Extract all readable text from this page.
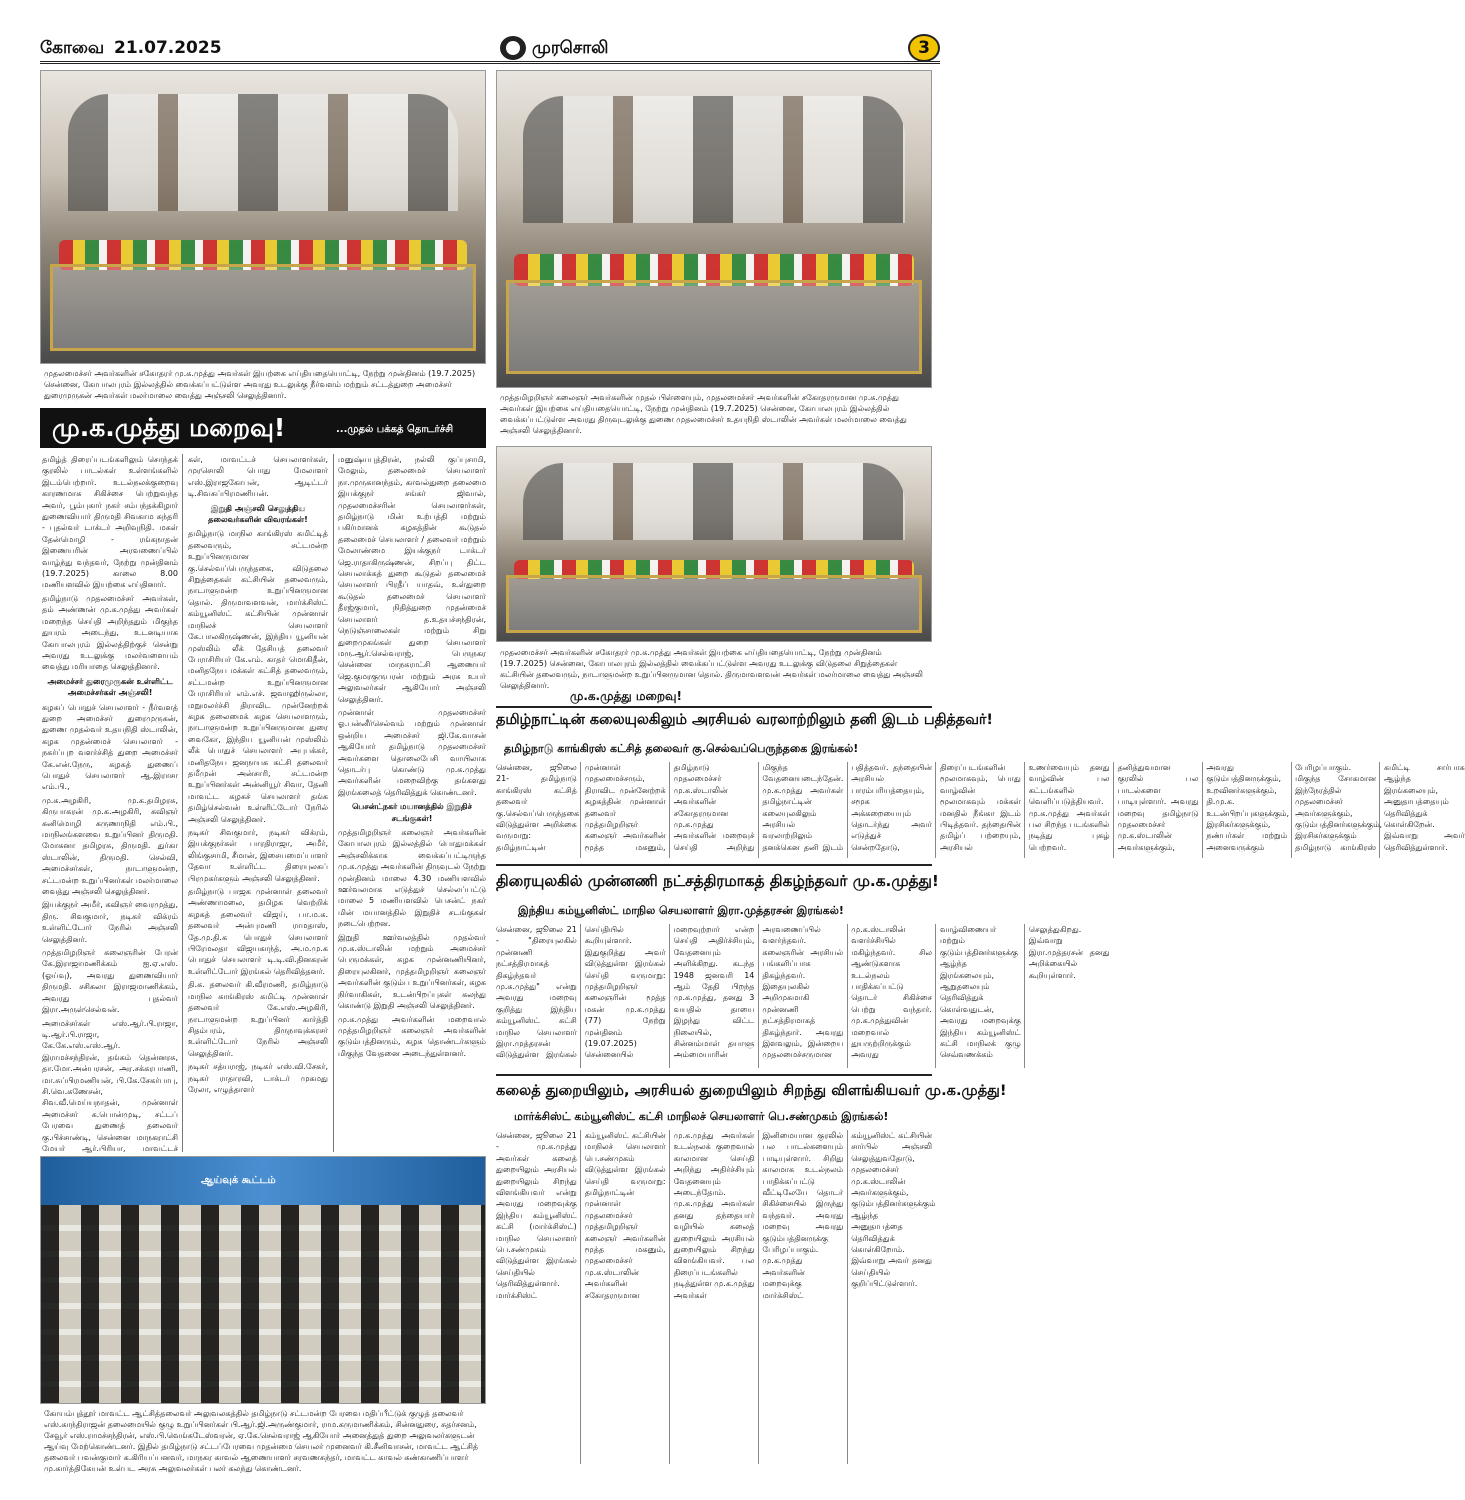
கோவை 21.07.2025	முரசொலி	3
முதலமைச்சர் அவர்களின் சகோதரர் மு.க.முத்து அவர்கள் இயற்கை எய்தியதையொட்டி, நேற்று முன்தினம் (19.7.2025) சென்னை, கோபாலபுரம் இல்லத்தில் வைக்கப்பட்டுள்ள அவரது உடலுக்கு நீர்வளம் மற்றும் சட்டத்துறை அமைச்சர் துரைமுருகன் அவர்கள் மலர்மாலை வைத்து அஞ்சலி செலுத்தினார்.	முத்தமிழறிஞர் கலைஞர் அவர்களின் முதல் பிள்ளையும், முதலமைச்சர் அவர்களின் சகோதரருமான மு.க.முத்து அவர்கள் இயற்கை எய்தியதையொட்டி, நேற்று முன்தினம் (19.7.2025) சென்னை, கோபாலபுரம் இல்லத்தில் வைக்கப்பட்டுள்ள அவரது திருவுடலுக்கு துணை முதலமைச்சர் உதயநிதி ஸ்டாலின் அவர்கள் மலர்மாலை வைத்து அஞ்சலி செலுத்தினார்.
முதலமைச்சர் அவர்களின் சகோதரர் மு.க.முத்து அவர்கள் இயற்கை எய்தியதையொட்டி, நேற்று முன்தினம் (19.7.2025) சென்னை, கோபாலபுரம் இல்லத்தில் வைக்கப்பட்டுள்ள அவரது உடலுக்கு விடுதலை சிறுத்தைகள் கட்சியின் தலைவரும், நாடாளுமன்ற உறுப்பினருமான தொல். திருமாவளவன் அவர்கள் மலர்மாலை வைத்து அஞ்சலி செலுத்தினார்.
மு.க.முத்து மறைவு!	...முதல் பக்கத் தொடர்ச்சி

தமிழ்த் திரைப்படங்களிலும் சொந்தக் குரலில் பாடல்கள் உள்ளங்களில் இடம்பெற்றார். உடல்நலக்குறைவு காரணமாக சிகிச்சை பெற்றுவந்த அவர், பூம்புகார் நகர் சம்பந்தக்கிழார் துணைவியார் திருமதி சிவகாம சுந்தரி - புதல்வர் டாக்டர் அறிவுநிதி. மகள் தேன்மொழி - ரங்கநாதன் இணையரின் அரவணைப்பில் வாழ்ந்து வந்தவர், நேற்று முன்தினம் (19.7.2025) காலை 8.00 மணியளவில் இயற்கை எய்தினார்.

தமிழ்நாடு முதலமைச்சர் அவர்கள், தம் அண்ணன் மு.க.முத்து அவர்கள் மறைந்த செய்தி அறிந்ததும் மிகுந்த துயரம் அடைந்து, உடனடியாக கோபாலபுரம் இல்லத்திற்குச் சென்று அவரது உடலுக்கு மலர்வளையம் வைத்து மரியாதை செலுத்தினார்.

அமைச்சர் துரைமுருகன் உள்ளிட்ட அமைச்சர்கள் அஞ்சலி!

கழகப் பொதுச் செயலாளர் - நீர்வளத் துறை அமைச்சர் துரைமுருகன், துணை முதல்வர் உதயநிதி ஸ்டாலின், கழக முதன்மைச் செயலாளர் - நகர்ப்புற வளர்ச்சித் துறை அமைச்சர் கே.என்.நேரு, கழகத் துணைப் பொதுச் செயலாளர் ஆ.இராசா எம்.பி.,

மு.க.அழகிரி, மு.க.தமிழரசு, கிருபாகரன் மு.க.அழகிரி, கவிஞர் கனிமொழி கருணாநிதி எம்.பி., மாநிலங்களவை உறுப்பினர் திருமதி. மோகனா தமிழரசு, திருமதி. துர்கா ஸ்டாலின், திருமதி. செல்வி, அமைச்சர்கள், நாடாளுமன்ற, சட்டமன்ற உறுப்பினர்கள் மலர்மாலை வைத்து அஞ்சலி செலுத்தினர்.

இயக்குநர் அமீர், கவிஞர் வைரமுத்து, திரு. சிவகுமார், நடிகர் விக்ரம் உள்ளிட்டோர் நேரில் அஞ்சலி செலுத்தினர்.

முத்தமிழறிஞர் கலைஞரின் பேரன் கே.இராஜாமணிக்கம் ஐ.ஏ.எஸ். (ஓய்வு), அவரது துணைவியார் திருமதி. சசிகலா இராஜமாணிக்கம், அவரது புதல்வர் இரா.அருள்செல்வன்.

அமைச்சர்கள் எஸ்.ஆர்.பி.ராஜா, டி.ஆர்.பி.ராஜா, கே.கே.எஸ்.எஸ்.ஆர். இராமச்சந்திரன், தங்கம் தென்னரசு, தா.மோ.அன்பரசன், அர.சக்கரபாணி, மா.சுப்பிரமணியன், பி.கே.சேகர்பாபு, சி.வெ.கணேசன், சிவ.வீ.மெய்யநாதன், முன்னாள் அமைச்சர் க.பொன்முடி, சட்டப் பேரவை துணைத் தலைவர் கு.பிச்சாண்டி, சென்னை மாநகராட்சி மேயர் ஆர்.பிரியா, மாவட்டச்

கள், மாவட்டச் செயலாளர்கள், முரசொலி பொது மேலாளர் எஸ்.இராஜகோபன், ஆடிட்டர் டி.சிவசுப்பிரமணியன்.

இறுதி அஞ்சலி செலுத்திய தலைவர்களின் விவரங்கள்!

தமிழ்நாடு மாநில காங்கிரஸ் கமிட்டித் தலைவரும், சட்டமன்ற உறுப்பினருமான கு.செல்வப்பெருந்தகை, விடுதலை சிறுத்தைகள் கட்சியின் தலைவரும், நாடாளுமன்ற உறுப்பினருமான தொல். திருமாவளவன், மார்க்சிஸ்ட் கம்யூனிஸ்ட் கட்சியின் முன்னாள் மாநிலச் செயலாளர் கே.பாலகிருஷ்ணன், இந்திய யூனியன் முஸ்லிம் லீக் தேசியத் தலைவர் பேராசிரியர் கே.எம். காதர் மொகிதீன், மனிதநேய மக்கள் கட்சித் தலைவரும், சட்டமன்ற உறுப்பினருமான பேராசிரியர் எம்.எச். ஜவாஹிருல்லா, மறுமலர்ச்சி திராவிட முன்னேற்றக் கழக தலைமைக் கழக செயலாளரும், நாடாளுமன்ற உறுப்பினருமான துரை வைகோ, இந்திய யூனியன் முஸ்லிம் லீக் பொதுச் செயலாளர் அபுபக்கர், மனிதநேய ஜனநாயக கட்சி தலைவர் தமீமுன் அன்சாரி, சட்டமன்ற உறுப்பினர்கள் அன்னியூர் சிவா, தேனி மாவட்ட கழகச் செயலாளர் தங்க தமிழ்செல்வன் உள்ளிட்டோர் நேரில் அஞ்சலி செலுத்தினர்.

நடிகர் சிவகுமார், நடிகர் விக்ரம், இயக்குநர்கள் பாரதிராஜா, அமீர், லிங்குசாமி, சீமான், இசையமைப்பாளர் தேவா உள்ளிட்ட திரையுலகப் பிரமுகர்களும் அஞ்சலி செலுத்தினர்.

தமிழ்நாடு பாஜக முன்னாள் தலைவர் அண்ணாமலை, தமிழக வெற்றிக் கழகத் தலைவர் விஜய், பா.ம.க. தலைவர் அன்புமணி ராமதாஸ், தே.மு.தி.க பொதுச் செயலாளர் பிரேமலதா விஜயகாந்த், அ.ம.மு.க பொதுச் செயலாளர் டி.டி.வி.தினகரன் உள்ளிட்டோர் இரங்கல் தெரிவித்தனர்.

தி.க. தலைவர் கி.வீரமணி, தமிழ்நாடு மாநில காங்கிரஸ் கமிட்டி முன்னாள் தலைவர் கே.எஸ்.அழகிரி, நாடாளுமன்ற உறுப்பினர் கார்த்தி சிதம்பரம், திருநாவுக்கரசர் உள்ளிட்டோர் நேரில் அஞ்சலி செலுத்தினர்.

நடிகர் சத்யராஜ், நடிகர் எஸ்.வி.சேகர், நடிகர் ராதாரவி, டாக்டர் முகமது ரேலா, எழுத்தாளர்

மனுஷ்யபுத்திரன், நல்லி குப்புசாமி, மேலும், தலைமைச் செயலாளர் நா.முருகானந்தம், காவல்துறை தலைமை இயக்குநர் சங்கர் ஜிவால், முதலமைச்சரின் செயலாளர்கள், தமிழ்நாடு மின் உற்பத்தி மற்றும் பகிர்மானக் கழகத்தின் கூடுதல் தலைமைச் செயலாளர் / தலைவர் மற்றும் மேலாண்மை இயக்குநர் டாக்டர் ஜெ.ராதாகிருஷ்ணன், சிறப்பு திட்ட செயலாக்கத் துறை கூடுதல் தலைமைச் செயலாளர் பிரதீப் யாதவ், உள்துறை கூடுதல் தலைமைச் செயலாளர் தீரஜ்குமார், நிதித்துறை முதன்மைச் செயலாளர் த.உதயச்சந்திரன், நெடுஞ்சாலைகள் மற்றும் சிறு துறைமுகங்கள் துறை செயலாளர் மரு.ஆர்.செல்வராஜ், பெருநகர சென்னை மாநகராட்சி ஆணையர் ஜெ.குமரகுருபரன் மற்றும் அரசு உயர் அலுவலர்கள் ஆகியோர் அஞ்சலி செலுத்தினர்.

முன்னாள் முதலமைச்சர் ஓ.பன்னீர்செல்வம் மற்றும் முன்னாள் ஒன்றிய அமைச்சர் ஜி.கே.வாசன் ஆகியோர் தமிழ்நாடு முதலமைச்சர் அவர்களை தொலைபேசி வாயிலாக தொடர்பு கொண்டு மு.க.முத்து அவர்களின் மறைவிற்கு தங்களது இரங்கலைத் தெரிவித்துக் கொண்டனர்.

பெசன்ட்நகர் மயானத்தில் இறுதிச் சடங்குகள்!

முத்தமிழறிஞர் கலைஞர் அவர்களின் கோபாலபுரம் இல்லத்தில் பொதுமக்கள் அஞ்சலிக்காக வைக்கப்பட்டிருந்த மு.க.முத்து அவர்களின் திருவுடல் நேற்று முன்தினம் மாலை 4.30 மணியளவில் ஊர்வலமாக எடுத்துச் செல்லப்பட்டு மாலை 5 மணியளவில் பெசன்ட் நகர் மின் மயானத்தில் இறுதிச் சடங்குகள் நடைபெற்றன.

இறுதி ஊர்வலத்தில் முதல்வர் மு.க.ஸ்டாலின் மற்றும் அமைச்சர் பெருமக்கள், கழக முன்னணியினர், திரையுலகினர், முத்தமிழறிஞர் கலைஞர் அவர்களின் குடும்ப உறுப்பினர்கள், கழக நிர்வாகிகள், உடன்பிறப்புகள் கலந்து கொண்டு இறுதி அஞ்சலி செலுத்தினர்.

மு.க.முத்து அவர்களின் மறைவால் முத்தமிழறிஞர் கலைஞர் அவர்களின் குடும்பத்தினரும், கழக தொண்டர்களும் மிகுந்த வேதனை அடைந்துள்ளனர்.

ஆய்வுக் கூட்டம்
கோயம்புத்தூர் மாவட்ட ஆட்சித்தலைவர் அலுவலகத்தில் தமிழ்நாடு சட்டமன்ற பேரவை மதிப்பீட்டுக் குழுத் தலைவர் எஸ்.காந்திராஜன் தலைமையில் குழு உறுப்பினர்கள் பி.ஆர்.ஜி.அருண்குமார், ராம.கருமாணிக்கம், சின்னதுரை, சுதர்சனம், சேவூர் எஸ்.ராமச்சந்திரன், எஸ்.பி.வெங்கடேஸ்வரன், ஏ.கே.செல்வராஜ் ஆகியோர் அனைத்துத் துறை அலுவலர்களுடன் ஆய்வு மேற்கொண்டனர். இதில் தமிழ்நாடு சட்டப்பேரவை முதன்மை செயலர் முனைவர் கி.சீனிவாசன், மாவட்ட ஆட்சித் தலைவர் பவன்குமார் க.கிரியப்பனவர், மாநகர காவல் ஆணையாளர் சரவணசுந்தர், மாவட்ட காவல் கண்காணிப்பாளர் மு.கார்த்திகேயன் உள்பட அரசு அலுவலர்கள் பலர் கலந்து கொண்டனர்.
மு.க.முத்து மறைவு!
தமிழ்நாட்டின் கலையுலகிலும் அரசியல் வரலாற்றிலும் தனி இடம் பதித்தவர்!
தமிழ்நாடு காங்கிரஸ் கட்சித் தலைவர் கு.செல்வப்பெருந்தகை இரங்கல்!
சென்னை, ஜூலை 21- தமிழ்நாடு காங்கிரஸ் கட்சித் தலைவர் கு.செல்வப்பெருந்தகை விடுத்துள்ள அறிக்கை வருமாறு: தமிழ்நாட்டின் முன்னாள் முதலமைச்சரும், திராவிட முன்னேற்றக் கழகத்தின் முன்னாள் தலைவர் முத்தமிழறிஞர் கலைஞர் அவர்களின் மூத்த மகனும், தமிழ்நாடு முதலமைச்சர் மு.க.ஸ்டாலின் அவர்களின் சகோதரருமான மு.க.முத்து அவர்களின் மறைவுச் செய்தி அறிந்து மிகுந்த வேதனையடைந்தேன். மு.க.முத்து அவர்கள் தமிழ்நாட்டின் கலையுலகிலும் அரசியல் வரலாற்றிலும் தனக்கென தனி இடம் பதித்தவர். தந்தையின் அரசியல் பாரம்பரியத்தையும், சமூக அக்கறையையும் தொடர்ந்து அவர் எடுத்துச் சென்றதோடு, திரைப்படங்களின் மூலமாகவும், பொது வாழ்வின் மூலமாகவும் மக்கள் மனதில் நீங்கா இடம் பிடித்தவர். தந்தையின் தமிழ்ப் பற்றையும், அரசியல் உணர்வையும் தனது வாழ்வின் பல கட்டங்களில் வெளிப்படுத்தியவர். மு.க.முத்து அவர்கள் பல சிறந்த படங்களில் நடித்து புகழ் பெற்றவர். தனித்துவமான குரலில் பல பாடல்களை பாடியுள்ளார். அவரது மறைவு தமிழ்நாடு முதலமைச்சர் மு.க.ஸ்டாலின் அவர்களுக்கும், அவரது குடும்பத்தினருக்கும், உறவினர்களுக்கும், தி.மு.க. உடன்பிறப்புகளுக்கும், இரசிகர்களுக்கும், நண்பர்கள் மற்றும் அனைவருக்கும் பேரிழப்பாகும். மிகுந்த சோகமான இந்நேரத்தில் முதலமைச்சர் அவர்களுக்கும், குடும்பத்தினர்களுக்கும், இரசிகர்களுக்கும் தமிழ்நாடு காங்கிரஸ் கமிட்டி சார்பாக ஆழ்ந்த இரங்கலையும், அனுதாபத்தையும் தெரிவித்துக் கொள்கிறேன். இவ்வாறு அவர் தெரிவித்துள்ளார்.
திரையுலகில் முன்னணி நட்சத்திரமாகத் திகழ்ந்தவர் மு.க.முத்து!
இந்திய கம்யூனிஸ்ட் மாநில செயலாளர் இரா.முத்தரசன் இரங்கல்!
சென்னை, ஜூலை 21 - "திரையுலகில் முன்னணி நட்சத்திரமாகத் திகழ்ந்தவர் மு.க.முத்து" என்று அவரது மறைவு குறித்து இந்திய கம்யூனிஸ்ட் கட்சி மாநில செயலாளர் இரா.முத்தரசன் விடுத்துள்ள இரங்கல் செய்தியில் கூறியுள்ளார். இதுகுறித்து அவர் விடுத்துள்ள இரங்கல் செய்தி வருமாறு: முத்தமிழறிஞர் கலைஞரின் மூத்த மகன் மு.க.முத்து (77) நேற்று முன்தினம் (19.07.2025) சென்னையில் மறைவுற்றார் என்ற செய்தி அதிர்ச்சியும், வேதனையும் அளிக்கிறது. கடந்த 1948 ஜனவரி 14 ஆம் தேதி பிறந்த மு.க.முத்து, தனது 3 வயதில் தாயை இழந்து விட்ட நிலையில், சின்னம்மாள் தயாளு அம்மையாரின் அரவணைப்பில் வளர்ந்தவர். கலைஞரின் அரசியல் பங்களிப்பாக திகழ்ந்தவர். இதையுலகில் அறிமுகமாகி முன்னணி நட்சத்திரமாகத் திகழ்ந்தார். அவரது இளவலும், இன்றைய முதலமைச்சருமான மு.க.ஸ்டாலின் வளர்ச்சியில் மகிழ்ந்தவர். சில ஆண்டுகளாக உடல்நலம் பாதிக்கப்பட்டு தொடர் சிகிச்சை பெற்று வந்தார். மு.க.முத்துவின் மறைவால் துயருற்றிருக்கும் அவரது வாழ்விணையர் மற்றும் குடும்பத்தினர்களுக்கு ஆழ்ந்த இரங்கலையும், ஆறுதலையும் தெரிவித்துக் கொள்வதுடன், அவரது மறைவுக்கு இந்திய கம்யூனிஸ்ட் கட்சி மாநிலக் குழு செவ்வணக்கம் செலுத்துகிறது. இவ்வாறு இரா.முத்தரசன் தனது அறிக்கையில் கூறியுள்ளார்.
கலைத் துறையிலும், அரசியல் துறையிலும் சிறந்து விளங்கியவர் மு.க.முத்து!
மார்க்சிஸ்ட் கம்யூனிஸ்ட் கட்சி மாநிலச் செயலாளர் பெ.சண்முகம் இரங்கல்!
சென்னை, ஜூலை 21 - மு.க.முத்து அவர்கள் கலைத் துறையிலும் அரசியல் துறையிலும் சிறந்து விளங்கியவர் என்று அவரது மறைவுக்கு இந்திய கம்யூனிஸ்ட் கட்சி (மார்க்சிஸ்ட்) மாநில செயலாளர் பெ.சண்முகம் விடுத்துள்ள இரங்கல் செய்தியில் தெரிவித்துள்ளார். மார்க்சிஸ்ட் கம்யூனிஸ்ட் கட்சியின் மாநிலச் செயலாளர் பெ.சண்முகம் விடுத்துள்ள இரங்கல் செய்தி வருமாறு: தமிழ்நாட்டின் முன்னாள் முதலமைச்சர் முத்தமிழறிஞர் கலைஞர் அவர்களின் மூத்த மகனும், முதலமைச்சர் மு.க.ஸ்டாலின் அவர்களின் சகோதரருமான மு.க.முத்து அவர்கள் உடல்நலக் குறைவால் காலமான செய்தி அறிந்து அதிர்ச்சியும் வேதனையும் அடைந்தோம். மு.க.முத்து அவர்கள் தனது தந்தையார் வழியில் கலைத் துறையிலும் அரசியல் துறையிலும் சிறந்து விளங்கியவர். பல திரைப்படங்களில் நடித்துள்ள மு.க.முத்து அவர்கள் இனிமையான குரலில் பல பாடல்களையும் பாடியுள்ளார். சிறிது காலமாக உடல்நலம் பாதிக்கப்பட்டு வீட்டிலேயே தொடர் சிகிச்சையில் இருந்து வந்தவர். அவரது மறைவு அவரது குடும்பத்தினருக்கு பேரிழப்பாகும். மு.க.முத்து அவர்களின் மறைவுக்கு மார்க்சிஸ்ட் கம்யூனிஸ்ட் கட்சியின் சார்பில் அஞ்சலி செலுத்துவதோடு, முதலமைச்சர் மு.க.ஸ்டாலின் அவர்களுக்கும், குடும்பத்தினர்களுக்கும் ஆழ்ந்த அனுதாபத்தை தெரிவித்துக் கொள்கிறோம். இவ்வாறு அவர் தனது செய்தியில் குறிப்பிட்டுள்ளார்.
